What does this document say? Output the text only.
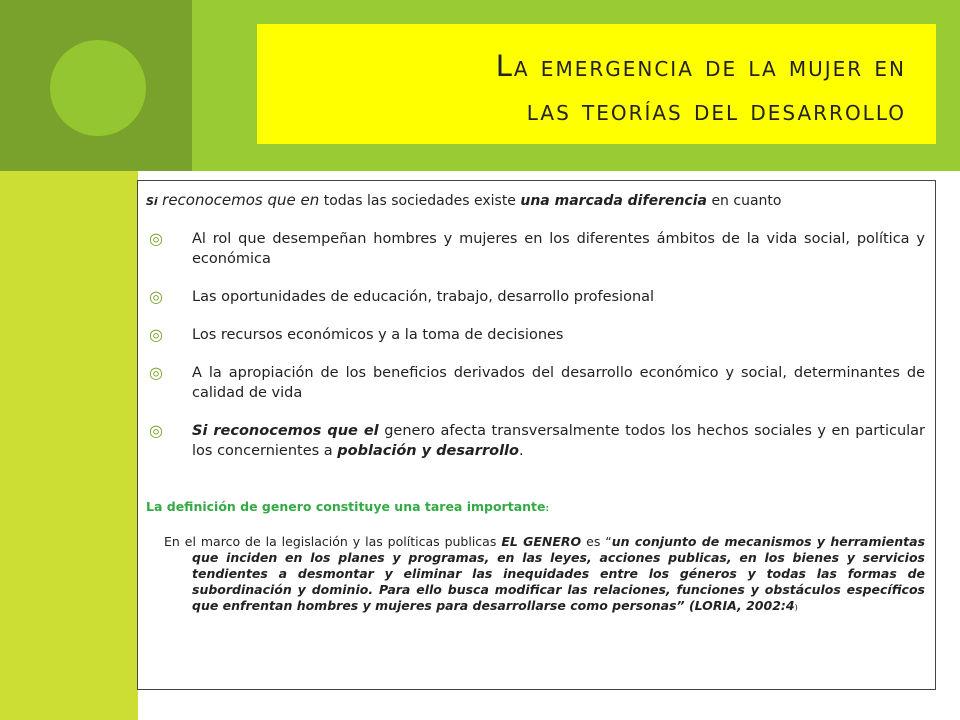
La emergencia de la mujer en
las teorías del desarrollo

Si reconocemos que en todas las sociedades existe una marcada diferencia en cuanto

◎ Al rol que desempeñan hombres y mujeres en los diferentes ámbitos de la vida social, política y económica
◎ Las oportunidades de educación, trabajo, desarrollo profesional
◎ Los recursos económicos y a la toma de decisiones
◎ A la apropiación de los beneficios derivados del desarrollo económico y social, determinantes de calidad de vida
◎ Si reconocemos que el genero afecta transversalmente todos los hechos sociales y en particular los concernientes a población y desarrollo.

La definición de genero constituye una tarea importante:

En el marco de la legislación y las políticas publicas EL GENERO es “un conjunto de mecanismos y herramientas que inciden en los planes y programas, en las leyes, acciones publicas, en los bienes y servicios tendientes a desmontar y eliminar las inequidades entre los géneros y todas las formas de subordinación y dominio. Para ello busca modificar las relaciones, funciones y obstáculos específicos que enfrentan hombres y mujeres para desarrollarse como personas” (LORIA, 2002:4)
